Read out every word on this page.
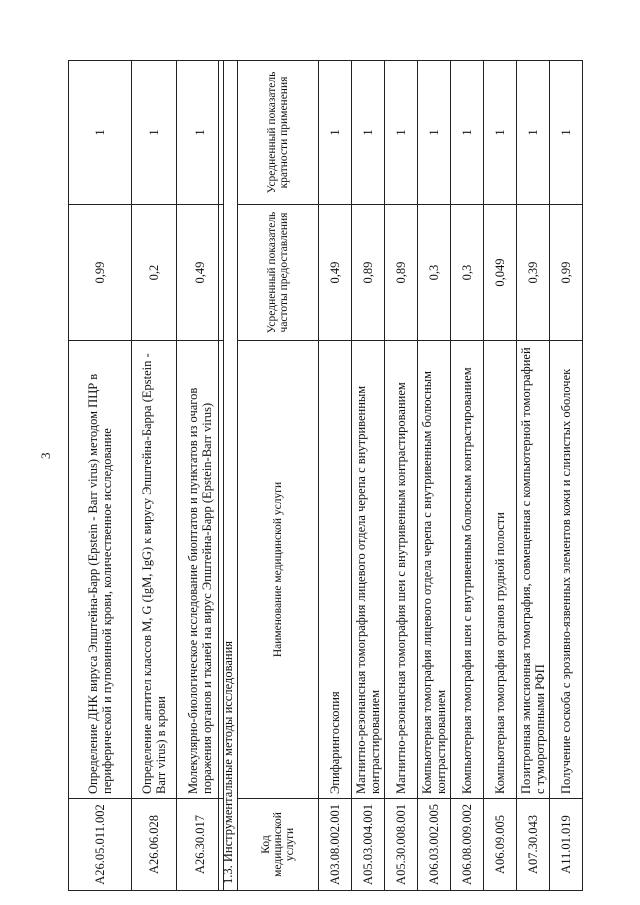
3
A26.05.011.002	Определение ДНК вируса Эпштейна-Барр (Epstein - Barr virus) методом ПЦР в периферической и пуповинной крови, количественное исследование	0,99	1
A26.06.028	Определение антител классов M, G (IgM, IgG) к вирусу Эпштейна-Барра (Epstein - Barr virus) в крови	0,2	1
A26.30.017	Молекулярно-биологическое исследование биоптатов и пунктатов из очагов поражения органов и тканей на вирус Эпштейна-Барр (Epstein-Barr virus)	0,49	1
1.3. Инструментальные методы исследования			
Код медицинской услуги	Наименование медицинской услуги	Усредненный показатель частоты предоставления	Усредненный показатель кратности применения
A03.08.002.001	Эпифарингоскопия	0,49	1
A05.03.004.001	Магнитно-резонансная томография лицевого отдела черепа с внутривенным контрастированием	0,89	1
A05.30.008.001	Магнитно-резонансная томография шеи с внутривенным контрастированием	0,89	1
A06.03.002.005	Компьютерная томография лицевого отдела черепа с внутривенным болюсным контрастированием	0,3	1
A06.08.009.002	Компьютерная томография шеи с внутривенным болюсным контрастированием	0,3	1
A06.09.005	Компьютерная томография органов грудной полости	0,049	1
A07.30.043	Позитронная эмиссионная томография, совмещенная с компьютерной томографией с туморотропными РФП	0,39	1
A11.01.019	Получение соскоба с эрозивно-язвенных элементов кожи и слизистых оболочек	0,99	1
